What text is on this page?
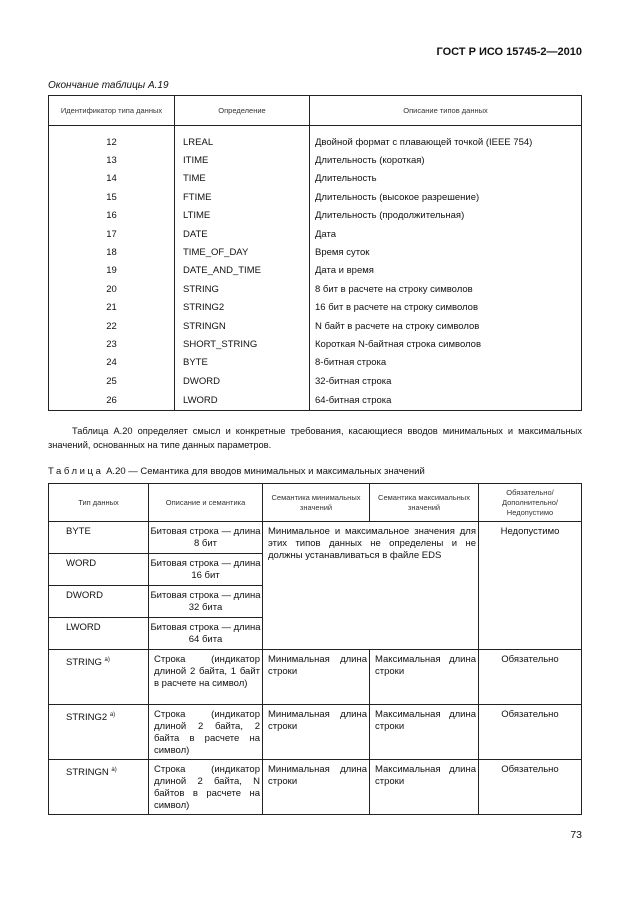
ГОСТ Р ИСО 15745-2—2010
Окончание таблицы А.19
Идентификатор типа данных	Определение	Описание типов данных

12	LREAL	Двойной формат с плавающей точкой (IEEE 754)
13	ITIME	Длительность (короткая)
14	TIME	Длительность
15	FTIME	Длительность (высокое разрешение)
16	LTIME	Длительность (продолжительная)
17	DATE	Дата
18	TIME_OF_DAY	Время суток
19	DATE_AND_TIME	Дата и время
20	STRING	8 бит в расчете на строку символов
21	STRING2	16 бит в расчете на строку символов
22	STRINGN	N байт в расчете на строку символов
23	SHORT_STRING	Короткая N-байтная строка символов
24	BYTE	8-битная строка
25	DWORD	32-битная строка
26	LWORD	64-битная строка
Таблица А.20 определяет смысл и конкретные требования, касающиеся вводов минимальных и максимальных значений, основанных на типе данных параметров.
Таблица А.20 — Семантика для вводов минимальных и максимальных значений
Тип данных	Описание и семантика	Семантика минимальных значений	Семантика максимальных значений	Обязательно/ Дополнительно/ Недопустимо
BYTE	Битовая строка — длина 8 бит	Минимальное и максимальное значения для этих типов данных не определены и не должны устанавливаться в файле EDS		Недопустимо
WORD	Битовая строка — длина 16 бит			
DWORD	Битовая строка — длина 32 бита			
LWORD	Битовая строка — длина 64 бита			
STRING $^{а)}$	Строка (индикатор длиной 2 байта, 1 байт в расчете на символ)	Минимальная длина строки	Максимальная длина строки	Обязательно
STRING2 $^{а)}$	Строка (индикатор длиной 2 байта, 2 байта в расчете на символ)	Минимальная длина строки	Максимальная длина строки	Обязательно
STRINGN $^{а)}$	Строка (индикатор длиной 2 байта, N байтов в расчете на символ)	Минимальная длина строки	Максимальная длина строки	Обязательно
73
